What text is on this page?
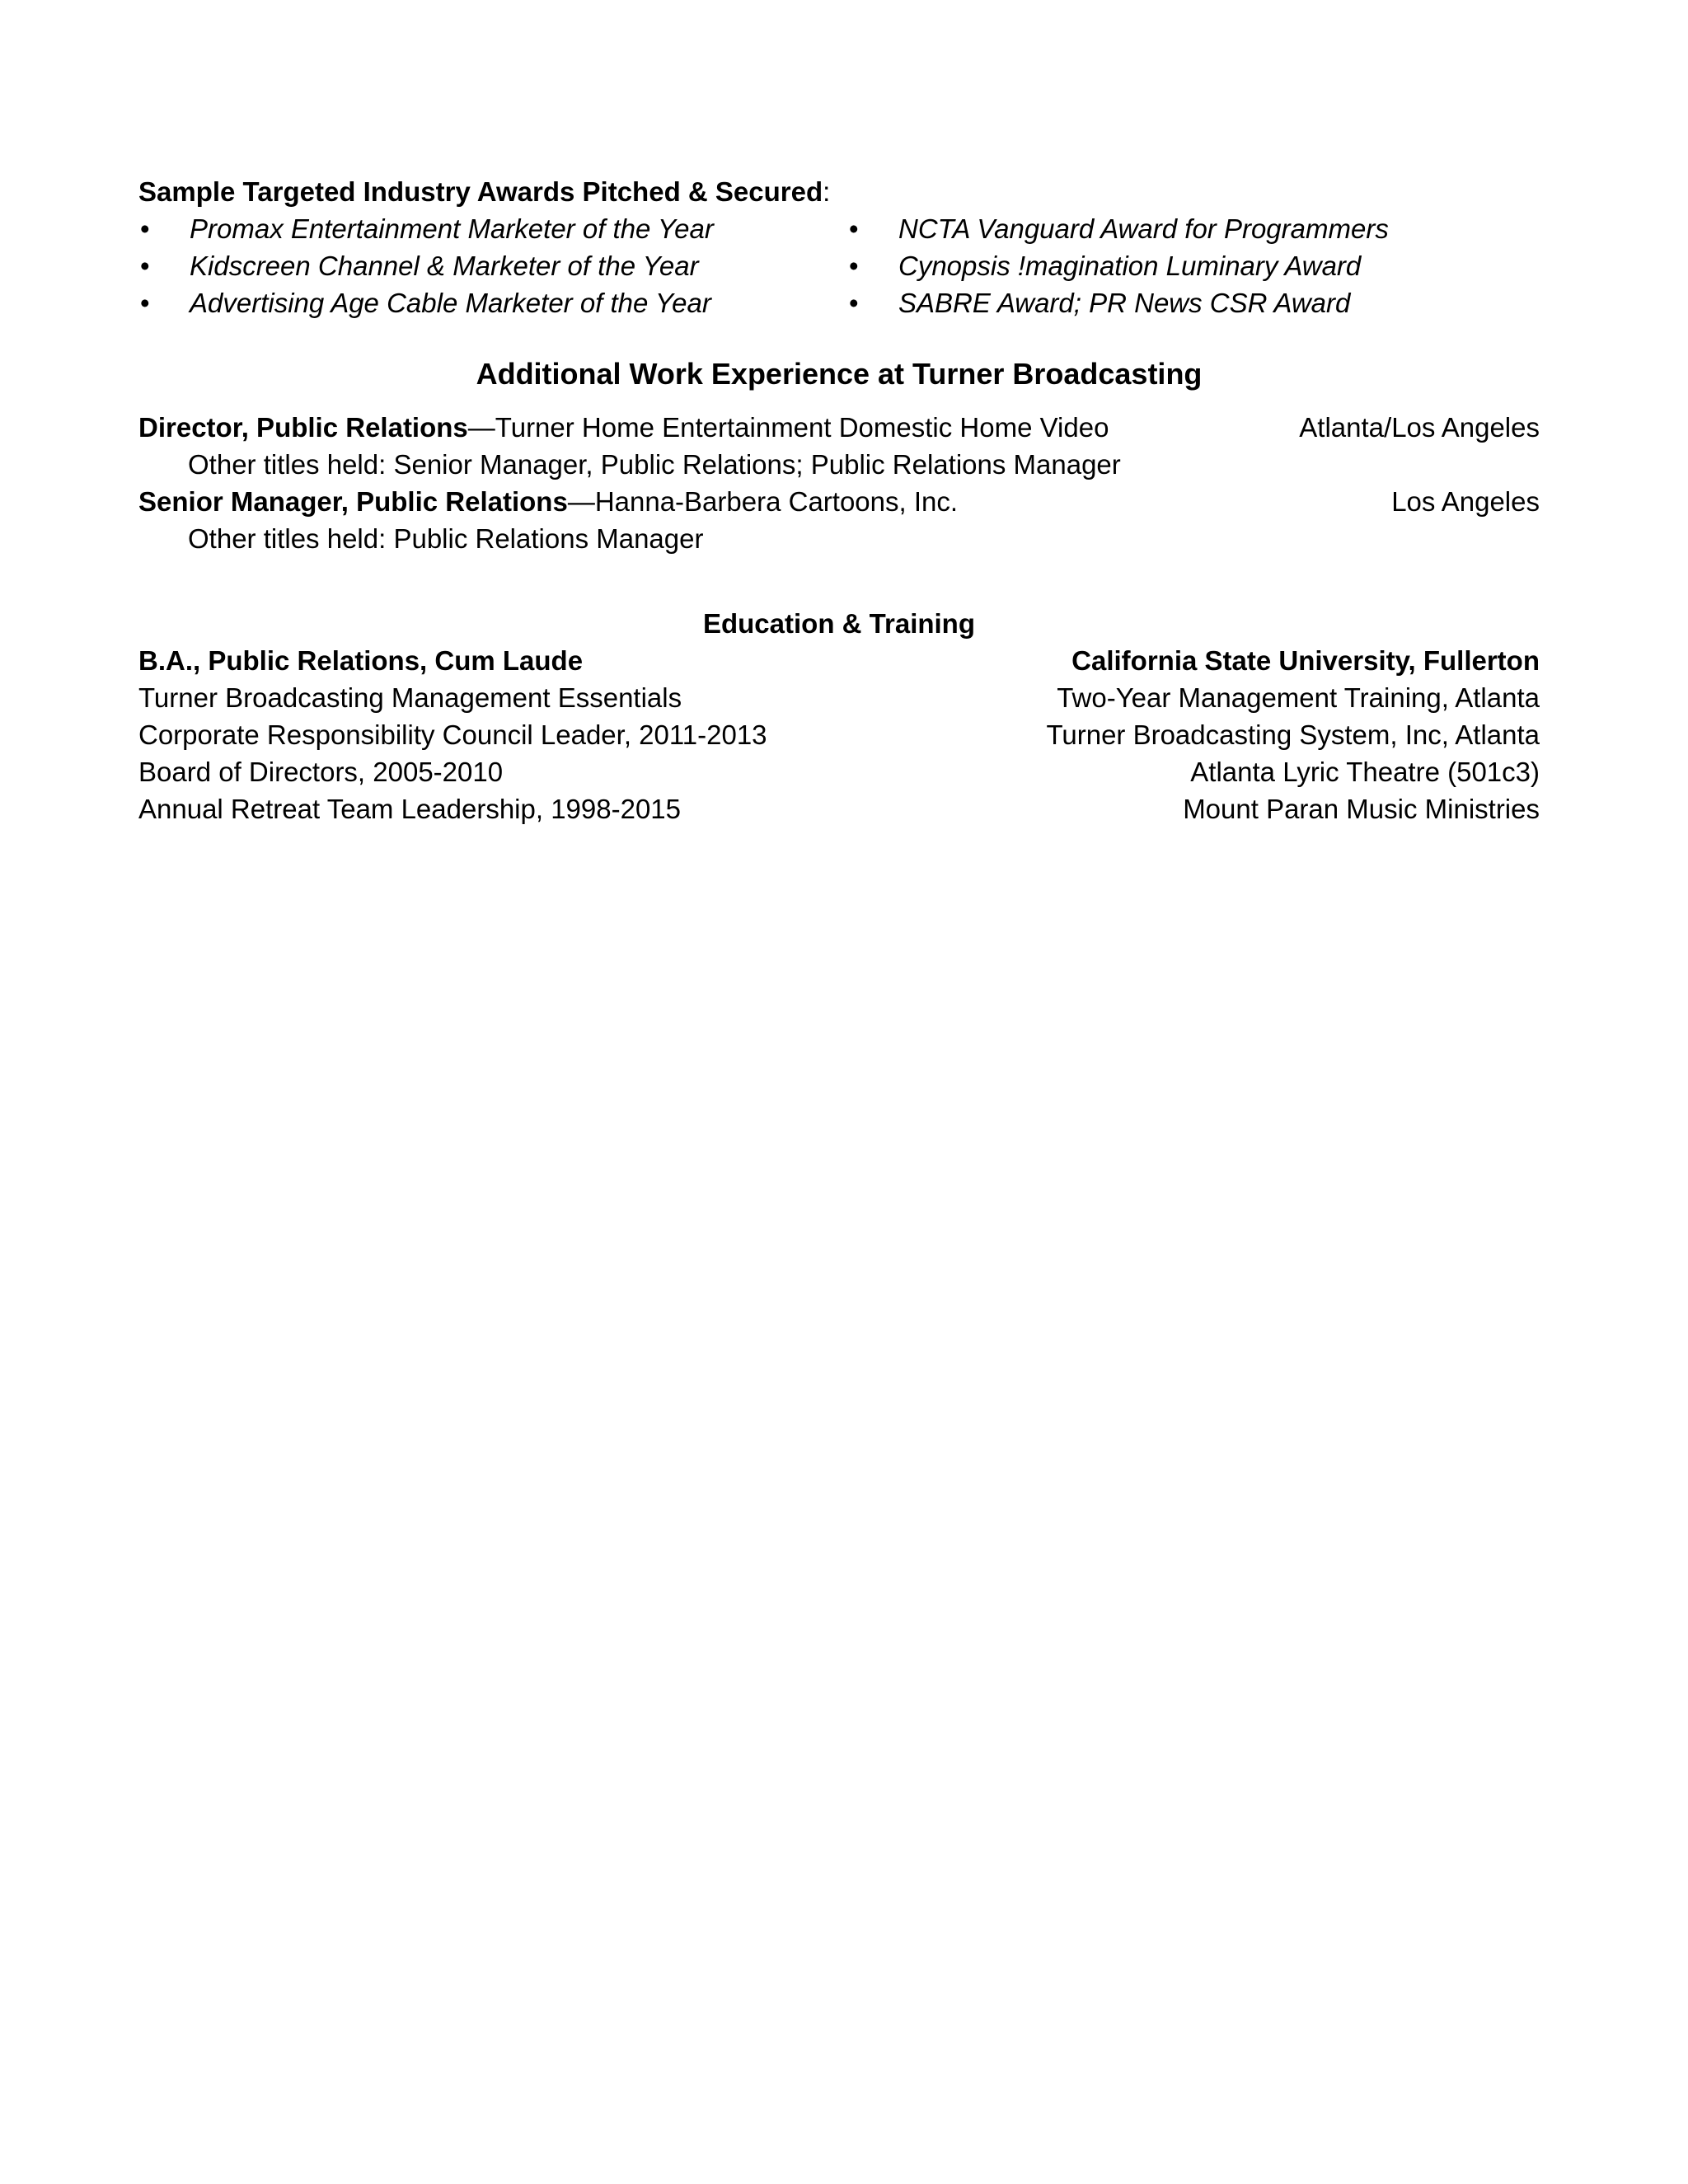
Sample Targeted Industry Awards Pitched & Secured:

• Promax Entertainment Marketer of the Year
• Kidscreen Channel & Marketer of the Year
• Advertising Age Cable Marketer of the Year
• NCTA Vanguard Award for Programmers
• Cynopsis !magination Luminary Award
• SABRE Award; PR News CSR Award
Additional Work Experience at Turner Broadcasting
Director, Public Relations—Turner Home Entertainment Domestic Home Video	Atlanta/Los Angeles
Other titles held: Senior Manager, Public Relations; Public Relations Manager
Senior Manager, Public Relations—Hanna-Barbera Cartoons, Inc.	Los Angeles
Other titles held: Public Relations Manager
Education & Training
B.A., Public Relations, Cum Laude	California State University, Fullerton
Turner Broadcasting Management Essentials	Two-Year Management Training, Atlanta
Corporate Responsibility Council Leader, 2011-2013	Turner Broadcasting System, Inc, Atlanta
Board of Directors, 2005-2010	Atlanta Lyric Theatre (501c3)
Annual Retreat Team Leadership, 1998-2015	Mount Paran Music Ministries
